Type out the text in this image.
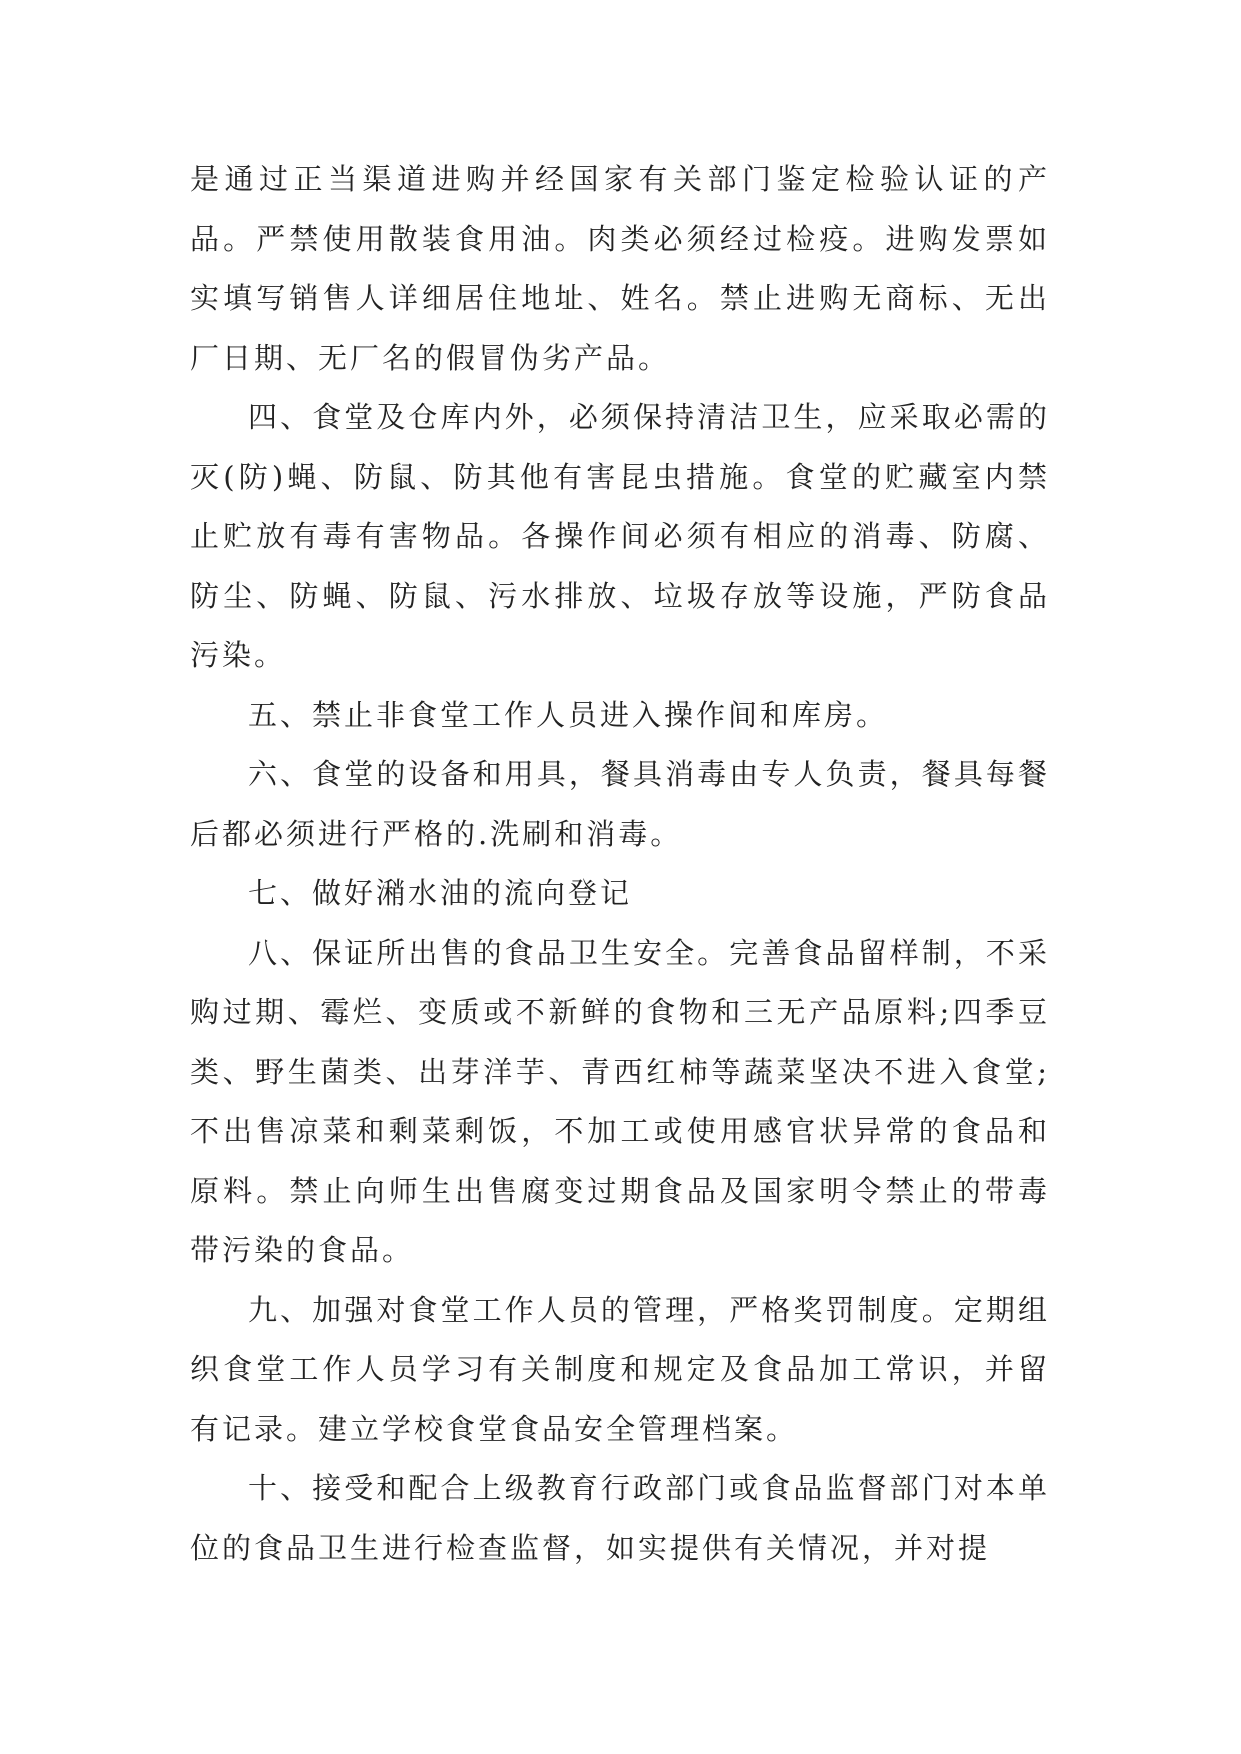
是通过正当渠道进购并经国家有关部门鉴定检验认证的产品。严禁使用散装食用油。肉类必须经过检疫。进购发票如实填写销售人详细居住地址、姓名。禁止进购无商标、无出厂日期、无厂名的假冒伪劣产品。

四、食堂及仓库内外，必须保持清洁卫生，应采取必需的灭(防)蝇、防鼠、防其他有害昆虫措施。食堂的贮藏室内禁止贮放有毒有害物品。各操作间必须有相应的消毒、防腐、防尘、防蝇、防鼠、污水排放、垃圾存放等设施，严防食品污染。

五、禁止非食堂工作人员进入操作间和库房。

六、食堂的设备和用具，餐具消毒由专人负责，餐具每餐后都必须进行严格的.洗刷和消毒。

七、做好潲水油的流向登记

八、保证所出售的食品卫生安全。完善食品留样制，不采购过期、霉烂、变质或不新鲜的食物和三无产品原料;四季豆类、野生菌类、出芽洋芋、青西红柿等蔬菜坚决不进入食堂;不出售凉菜和剩菜剩饭，不加工或使用感官状异常的食品和原料。禁止向师生出售腐变过期食品及国家明令禁止的带毒带污染的食品。

九、加强对食堂工作人员的管理，严格奖罚制度。定期组织食堂工作人员学习有关制度和规定及食品加工常识，并留有记录。建立学校食堂食品安全管理档案。

十、接受和配合上级教育行政部门或食品监督部门对本单位的食品卫生进行检查监督，如实提供有关情况，并对提
